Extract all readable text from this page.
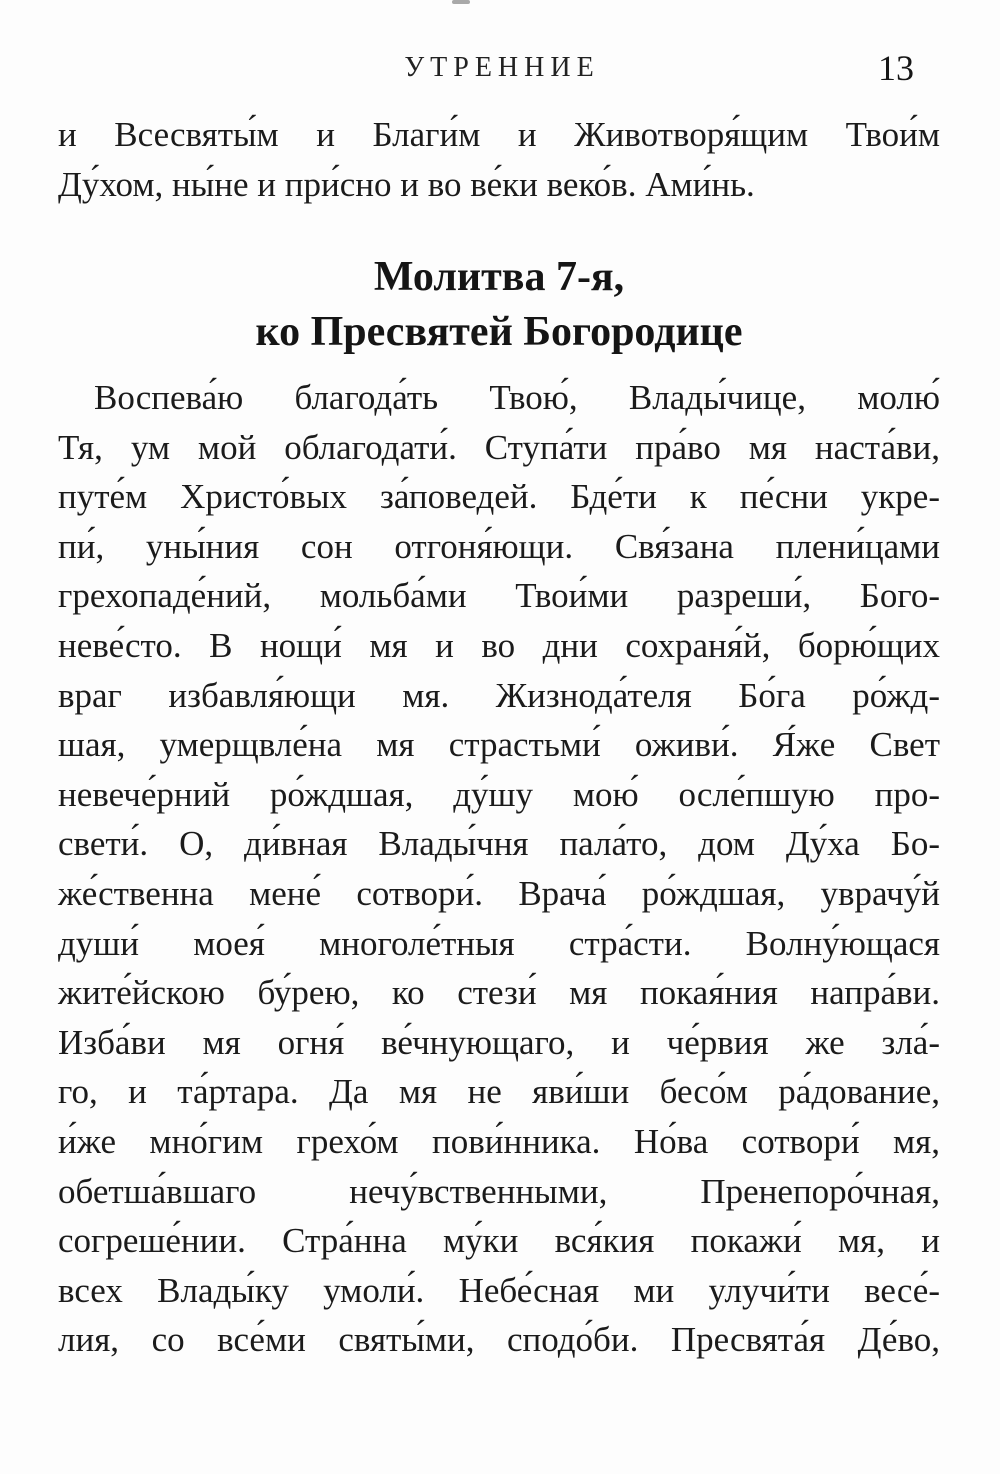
УТРЕННИЕ	13
и Всесвяты́м и Благи́м и Животворя́щим Твои́м
Ду́хом, ны́не и при́сно и во ве́ки веко́в. Ами́нь.
Молитва 7-я,
ко Пресвятей Богородице
Воспева́ю благода́ть Твою́, Влады́чице, молю́
Тя, ум мой облагодати́. Ступа́ти пра́во мя наста́ви,
путе́м Христо́вых за́поведей. Бде́ти к пе́сни укре-
пи́, уны́ния сон отгоня́ющи. Свя́зана плени́цами
грехопаде́ний, мольба́ми Твои́ми разреши́, Бого-
неве́сто. В нощи́ мя и во дни сохраня́й, борю́щих
враг избавля́ющи мя. Жизнода́теля Бо́га ро́жд-
шая, умерщвле́на мя страстьми́ оживи́. Я́же Свет
невече́рний ро́ждшая, ду́шу мою́ осле́пшую про-
свети́. О, ди́вная Влады́чня пала́то, дом Ду́ха Бо-
же́ственна мене́ сотвори́. Врача́ ро́ждшая, уврачу́й
души́ моея́ многоле́тныя стра́сти. Волну́ющася
жите́йскою бу́рею, ко стези́ мя покая́ния напра́ви.
Изба́ви мя огня́ ве́чнующаго, и че́рвия же зла́-
го, и та́ртара. Да мя не яви́ши бесо́м ра́дование,
и́же мно́гим грехо́м пови́нника. Но́ва сотвори́ мя,
обетша́вшаго нечу́вственными, Пренепоро́чная,
согреше́нии. Стра́нна му́ки вся́кия покажи́ мя, и
всех Влады́ку умоли́. Небе́сная ми улучи́ти весе́-
лия, со все́ми святы́ми, сподо́би. Пресвята́я Де́во,
